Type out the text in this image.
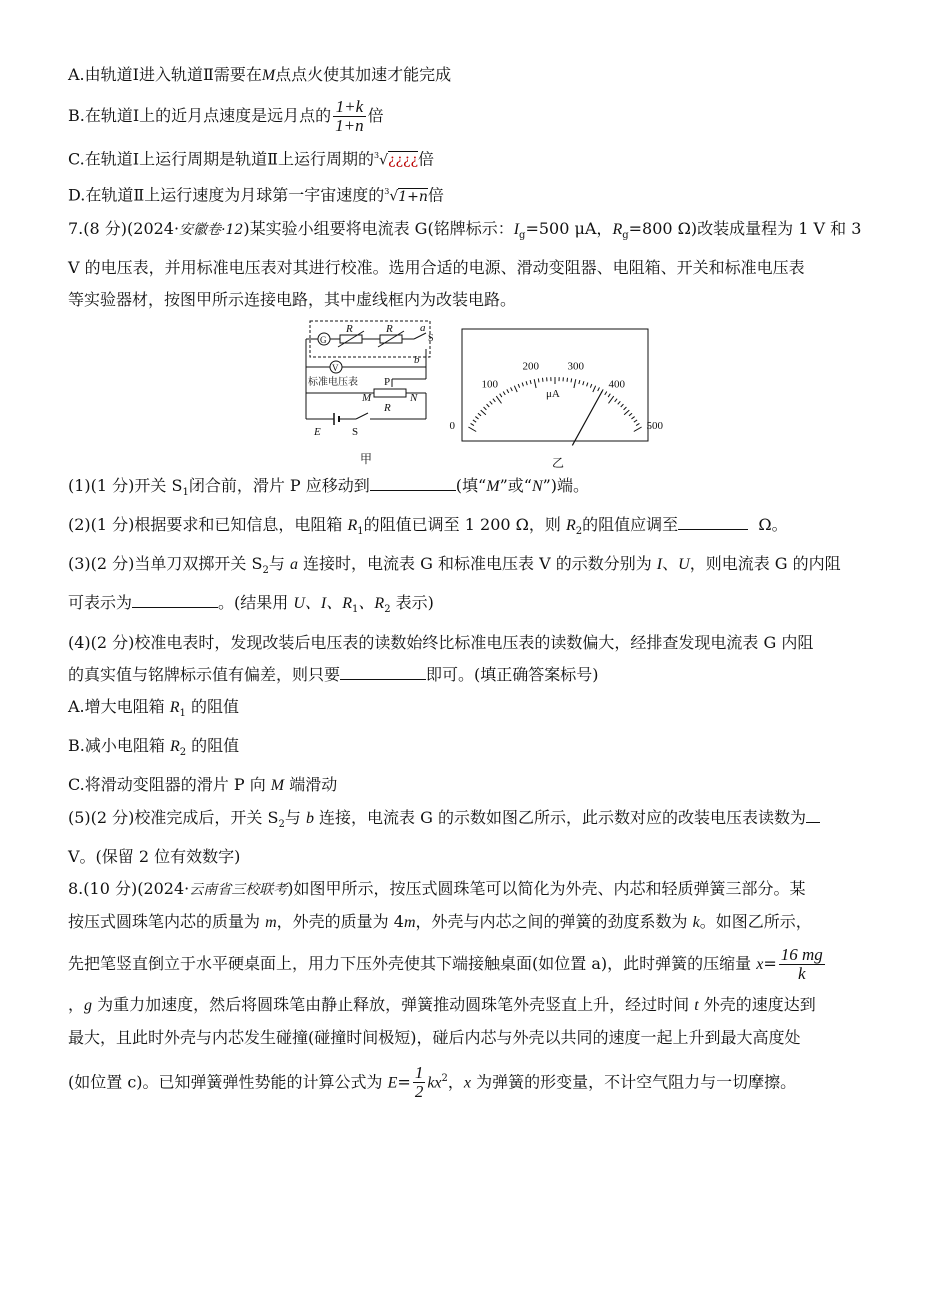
A.由轨道Ⅰ进入轨道Ⅱ需要在M点点火使其加速才能完成
B.在轨道Ⅰ上的近月点速度是远月点的 $\frac{1+k}{1+n}$ 倍
C.在轨道Ⅰ上运行周期是轨道Ⅱ上运行周期的$^3$√¿¿¿¿倍
D.在轨道Ⅱ上运行速度为月球第一宇宙速度的$^3$√1+n倍
7.(8 分)(2024·安徽卷·12)某实验小组要将电流表 G(铭牌标示：$I_g=500$ μA，$R_g=800$ Ω)改装成量程为 1 V 和 3
V 的电压表，并用标准电压表对其进行校准。选用合适的电源、滑动变阻器、电阻箱、开关和标准电压表
等实验器材，按图甲所示连接电路，其中虚线框内为改装电路。
G
R	R a
S
b
V
标准电压表 P
M	N
R
E	S
甲
0
100
200	300
400
500
μA
乙
(1)(1 分)开关 $S_1$闭合前，滑片 P 应移动到	(填“M”或“N”)端。
(2)(1 分)根据要求和已知信息，电阻箱 $R_1$的阻值已调至 1 200 Ω，则 $R_2$的阻值应调至	Ω。
(3)(2 分)当单刀双掷开关 $S_2$与 a 连接时，电流表 G 和标准电压表 V 的示数分别为 I、U，则电流表 G 的内阻
可表示为	。(结果用 U、I、$R_1$、$R_2$ 表示)
(4)(2 分)校准电表时，发现改装后电压表的读数始终比标准电压表的读数偏大，经排查发现电流表 G 内阻
的真实值与铭牌标示值有偏差，则只要	即可。(填正确答案标号)
A.增大电阻箱 $R_1$ 的阻值
B.减小电阻箱 $R_2$ 的阻值
C.将滑动变阻器的滑片 P 向 M 端滑动
(5)(2 分)校准完成后，开关 $S_2$与 b 连接，电流表 G 的示数如图乙所示，此示数对应的改装电压表读数为
V。(保留 2 位有效数字)
8.(10 分)(2024·云南省三校联考)如图甲所示，按压式圆珠笔可以简化为外壳、内芯和轻质弹簧三部分。某
按压式圆珠笔内芯的质量为 m，外壳的质量为 4m，外壳与内芯之间的弹簧的劲度系数为 k。如图乙所示，
先把笔竖直倒立于水平硬桌面上，用力下压外壳使其下端接触桌面(如位置 a)，此时弹簧的压缩量 $x= \frac{16 mg}{k}$
，g 为重力加速度，然后将圆珠笔由静止释放，弹簧推动圆珠笔外壳竖直上升，经过时间 t 外壳的速度达到
最大，且此时外壳与内芯发生碰撞(碰撞时间极短)，碰后内芯与外壳以共同的速度一起上升到最大高度处
(如位置 c)。已知弹簧弹性势能的计算公式为 $E= \frac{1}{2} kx^2$，x 为弹簧的形变量，不计空气阻力与一切摩擦。
